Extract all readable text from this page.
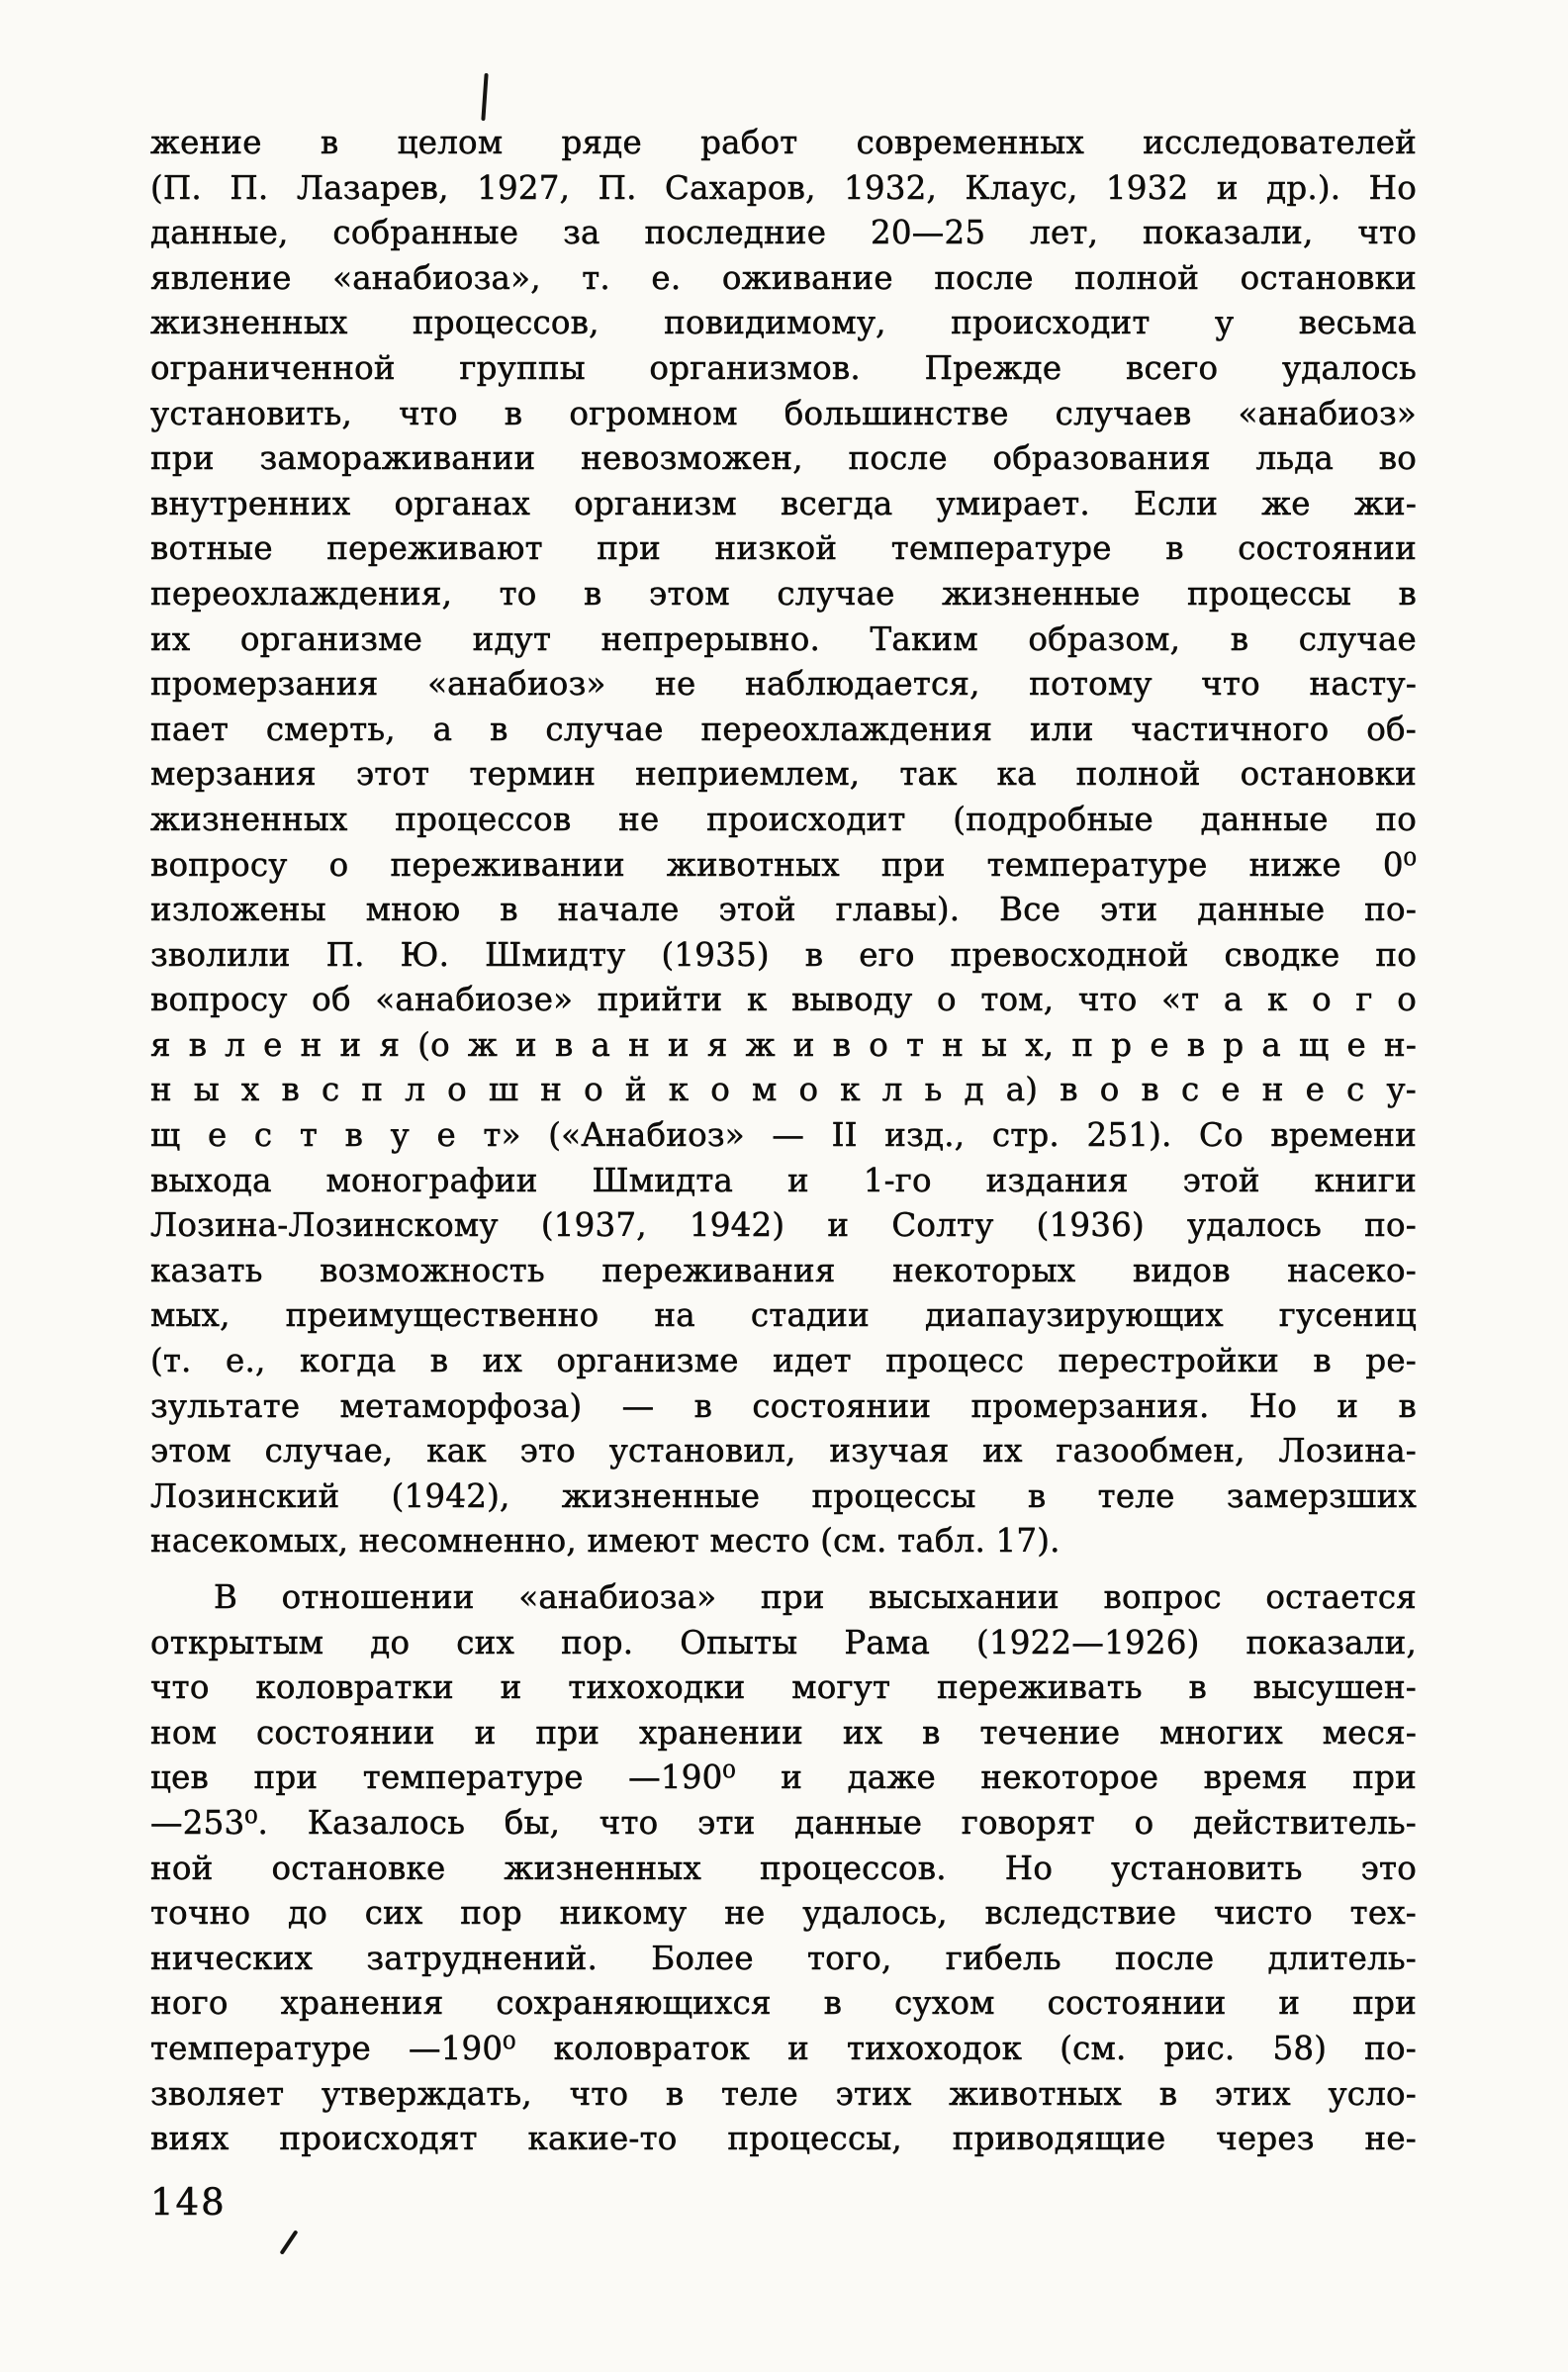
жение в целом ряде работ современных исследователей
(П. П. Лазарев, 1927, П. Сахаров, 1932, Клаус, 1932 и др.). Но
данные, собранные за последние 20—25 лет, показали, что
явление «анабиоза», т. е. оживание после полной остановки
жизненных процессов, повидимому, происходит у весьма
ограниченной группы организмов. Прежде всего удалось
установить, что в огромном большинстве случаев «анабиоз»
при замораживании невозможен, после образования льда во
внутренних органах организм всегда умирает. Если же жи-
вотные переживают при низкой температуре в состоянии
переохлаждения, то в этом случае жизненные процессы в
их организме идут непрерывно. Таким образом, в случае
промерзания «анабиоз» не наблюдается, потому что насту-
пает смерть, а в случае переохлаждения или частичного об-
мерзания этот термин неприемлем, так ка полной остановки
жизненных процессов не происходит (подробные данные по
вопросу о переживании животных при температуре ниже 0⁰
изложены мною в начале этой главы). Все эти данные по-
зволили П. Ю. Шмидту (1935) в его превосходной сводке по
вопросу об «анабиозе» прийти к выводу о том, что «т а к о г о
я в л е н и я (о ж и в а н и я ж и в о т н ы х, п р е в р а щ е н-
н ы х в с п л о ш н о й к о м о к л ь д а) в о в с е н е с у-
щ е с т в у е т» («Анабиоз» — II изд., стр. 251). Со времени
выхода монографии Шмидта и 1-го издания этой книги
Лозина-Лозинскому (1937, 1942) и Солту (1936) удалось по-
казать возможность переживания некоторых видов насеко-
мых, преимущественно на стадии диапаузирующих гусениц
(т. е., когда в их организме идет процесс перестройки в ре-
зультате метаморфоза) — в состоянии промерзания. Но и в
этом случае, как это установил, изучая их газообмен, Лозина-
Лозинский (1942), жизненные процессы в теле замерзших
насекомых, несомненно, имеют место (см. табл. 17).
В отношении «анабиоза» при высыхании вопрос остается
открытым до сих пор. Опыты Рама (1922—1926) показали,
что коловратки и тихоходки могут переживать в высушен-
ном состоянии и при хранении их в течение многих меся-
цев при температуре —190⁰ и даже некоторое время при
—253⁰. Казалось бы, что эти данные говорят о действитель-
ной остановке жизненных процессов. Но установить это
точно до сих пор никому не удалось, вследствие чисто тех-
нических затруднений. Более того, гибель после длитель-
ного хранения сохраняющихся в сухом состоянии и при
температуре —190⁰ коловраток и тихоходок (см. рис. 58) по-
зволяет утверждать, что в теле этих животных в этих усло-
виях происходят какие-то процессы, приводящие через не-
148
